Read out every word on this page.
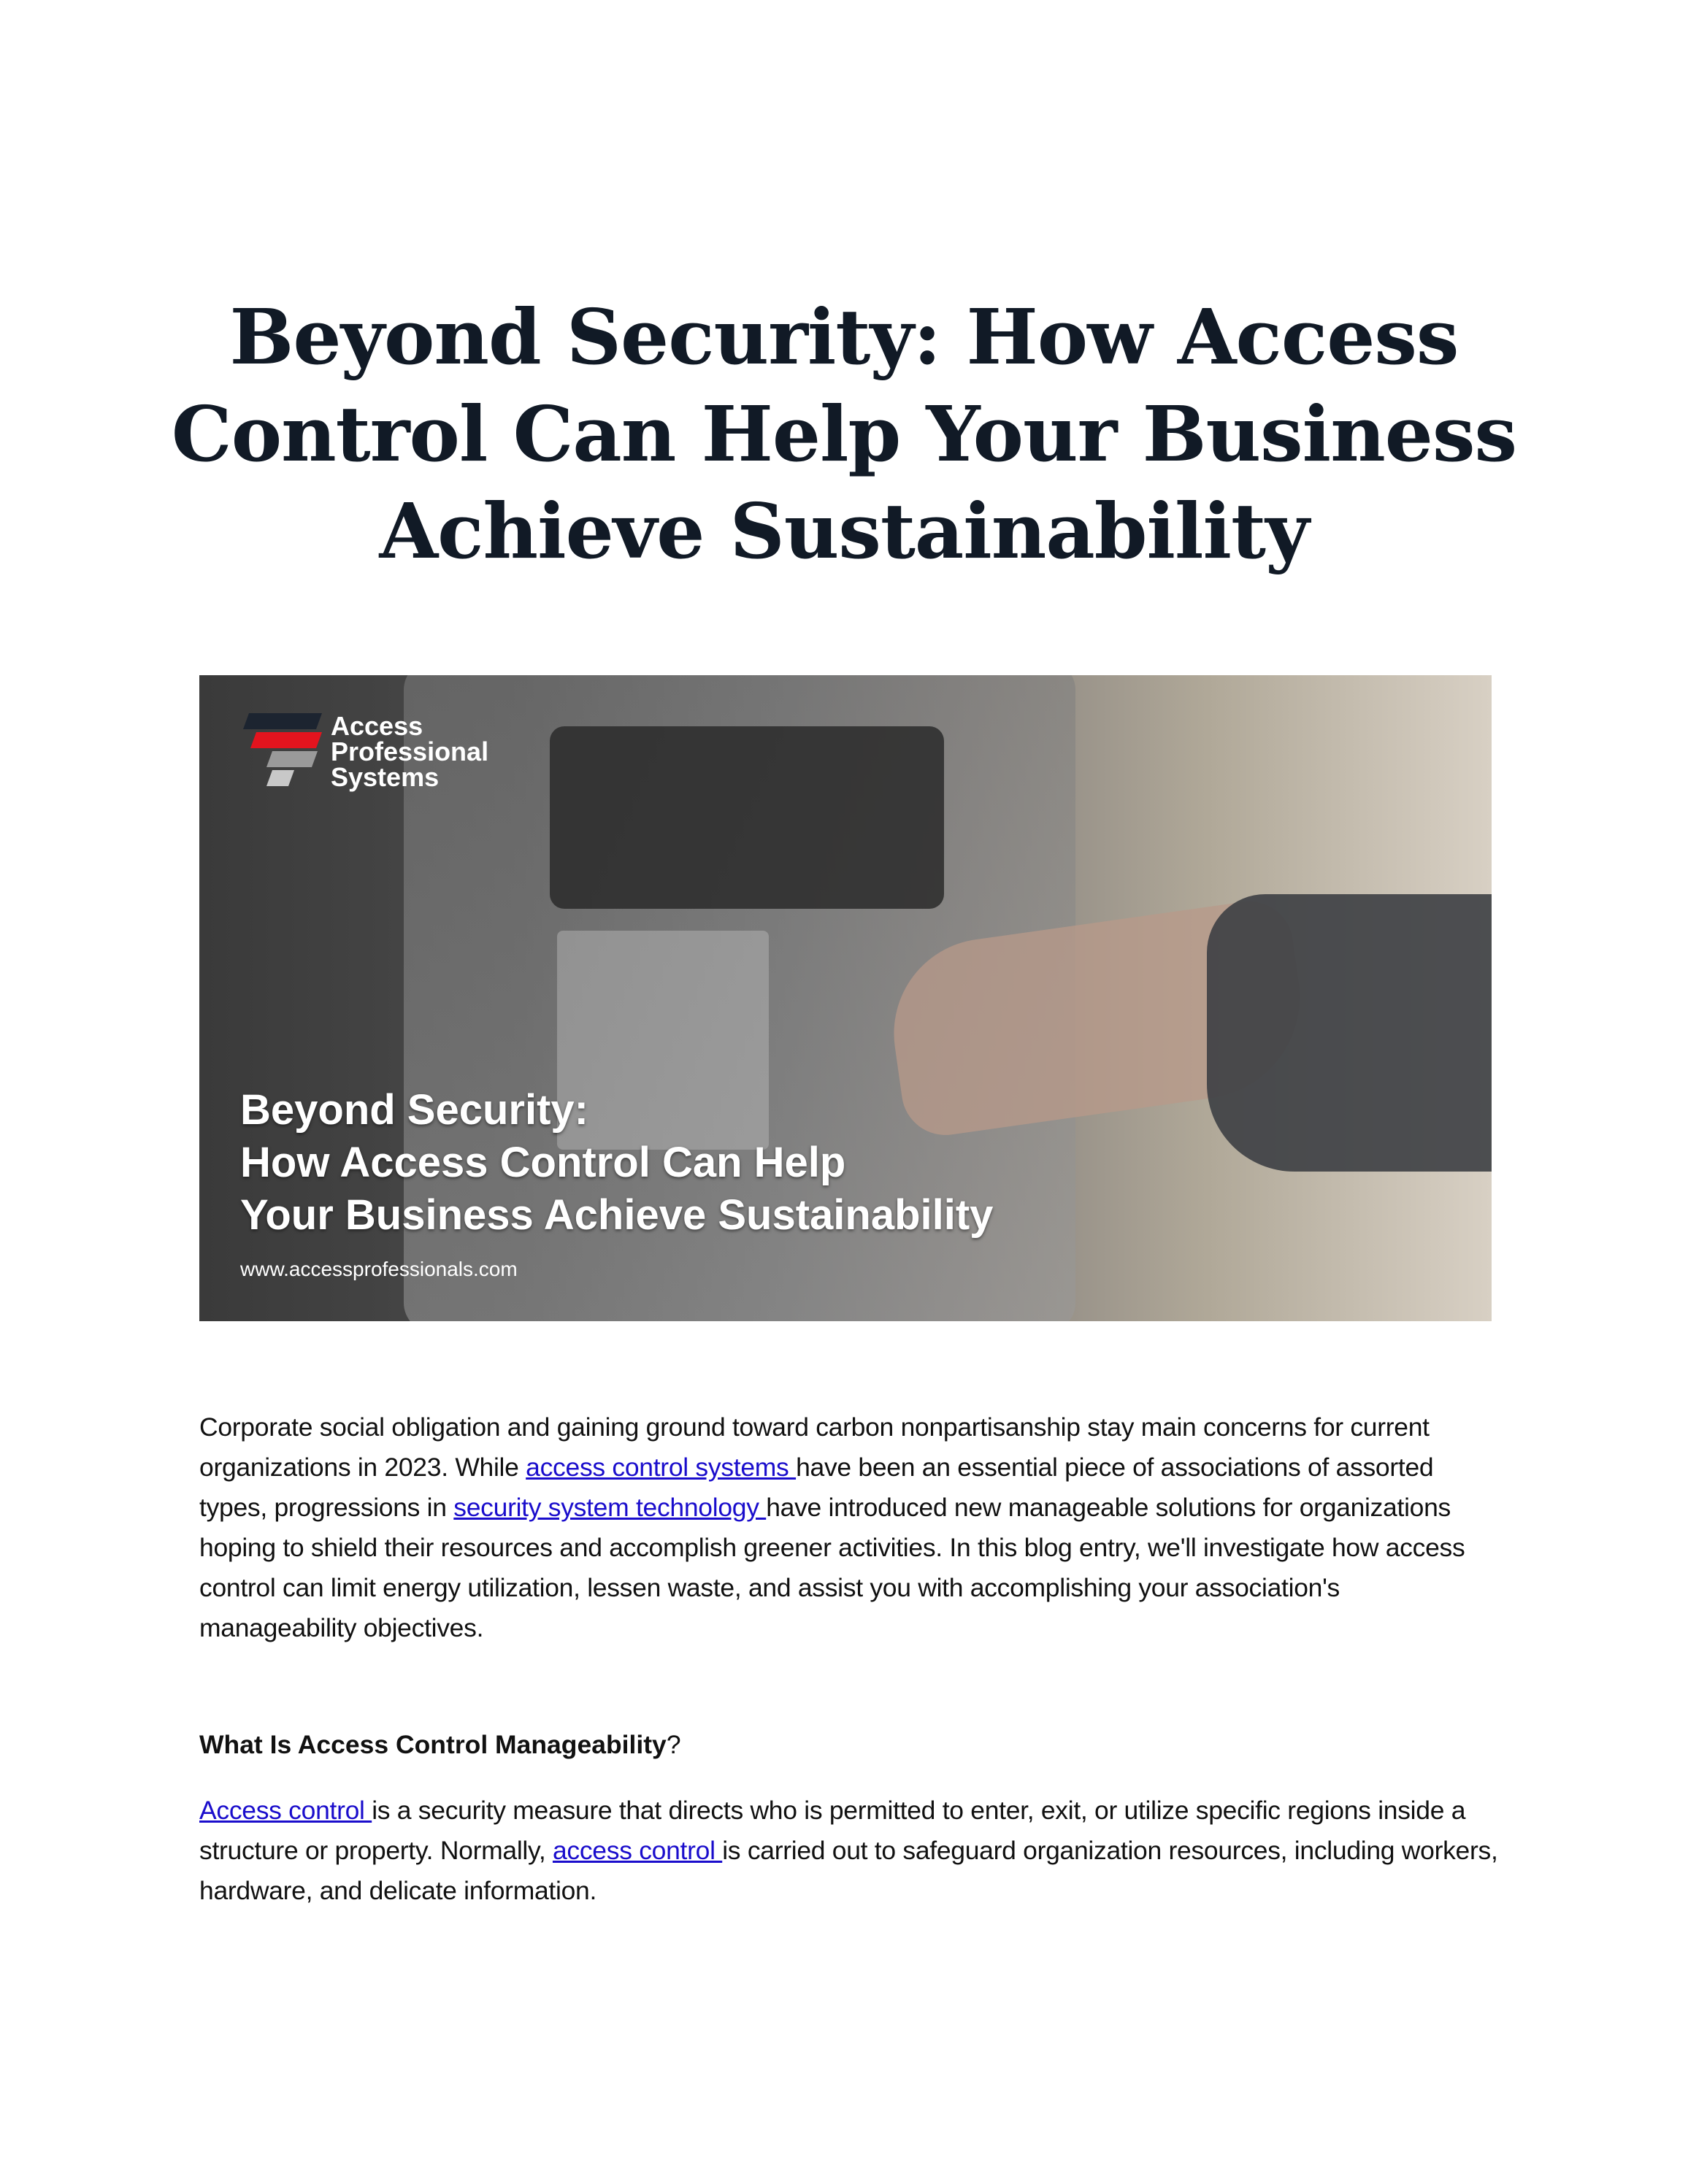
Beyond Security: How Access Control Can Help Your Business Achieve Sustainability
Access
Professional
Systems
Beyond Security:
How Access Control Can Help
Your Business Achieve Sustainability
www.accessprofessionals.com

Corporate social obligation and gaining ground toward carbon nonpartisanship stay main concerns for current organizations in 2023. While access control systems have been an essential piece of associations of assorted types, progressions in security system technology have introduced new manageable solutions for organizations hoping to shield their resources and accomplish greener activities. In this blog entry, we'll investigate how access control can limit energy utilization, lessen waste, and assist you with accomplishing your association's manageability objectives.

What Is Access Control Manageability?

Access control is a security measure that directs who is permitted to enter, exit, or utilize specific regions inside a structure or property. Normally, access control is carried out to safeguard organization resources, including workers, hardware, and delicate information.
